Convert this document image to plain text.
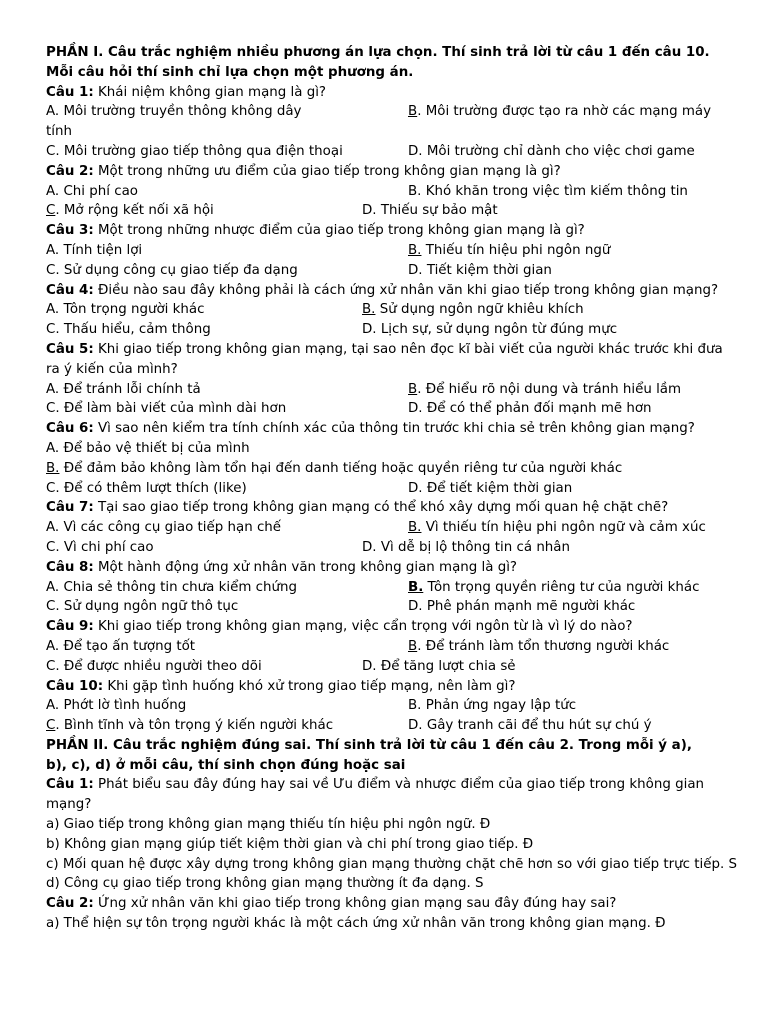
PHẦN I. Câu trắc nghiệm nhiều phương án lựa chọn. Thí sinh trả lời từ câu 1 đến câu 10.
Mỗi câu hỏi thí sinh chỉ lựa chọn một phương án.
Câu 1: Khái niệm không gian mạng là gì?
A. Môi trường truyền thông không dây	B. Môi trường được tạo ra nhờ các mạng máy
tính
C. Môi trường giao tiếp thông qua điện thoại	D. Môi trường chỉ dành cho việc chơi game
Câu 2: Một trong những ưu điểm của giao tiếp trong không gian mạng là gì?
A. Chi phí cao	B. Khó khăn trong việc tìm kiếm thông tin
C. Mở rộng kết nối xã hội	D. Thiếu sự bảo mật
Câu 3: Một trong những nhược điểm của giao tiếp trong không gian mạng là gì?
A. Tính tiện lợi	B. Thiếu tín hiệu phi ngôn ngữ
C. Sử dụng công cụ giao tiếp đa dạng	D. Tiết kiệm thời gian
Câu 4: Điều nào sau đây không phải là cách ứng xử nhân văn khi giao tiếp trong không gian mạng?
A. Tôn trọng người khác	B. Sử dụng ngôn ngữ khiêu khích
C. Thấu hiểu, cảm thông	D. Lịch sự, sử dụng ngôn từ đúng mực
Câu 5: Khi giao tiếp trong không gian mạng, tại sao nên đọc kĩ bài viết của người khác trước khi đưa ra ý kiến của mình?
A. Để tránh lỗi chính tả	B. Để hiểu rõ nội dung và tránh hiểu lầm
C. Để làm bài viết của mình dài hơn	D. Để có thể phản đối mạnh mẽ hơn
Câu 6: Vì sao nên kiểm tra tính chính xác của thông tin trước khi chia sẻ trên không gian mạng?
A. Để bảo vệ thiết bị của mình
B. Để đảm bảo không làm tổn hại đến danh tiếng hoặc quyền riêng tư của người khác
C. Để có thêm lượt thích (like)	D. Để tiết kiệm thời gian
Câu 7: Tại sao giao tiếp trong không gian mạng có thể khó xây dựng mối quan hệ chặt chẽ?
A. Vì các công cụ giao tiếp hạn chế	B. Vì thiếu tín hiệu phi ngôn ngữ và cảm xúc
C. Vì chi phí cao	D. Vì dễ bị lộ thông tin cá nhân
Câu 8: Một hành động ứng xử nhân văn trong không gian mạng là gì?
A. Chia sẻ thông tin chưa kiểm chứng	B. Tôn trọng quyền riêng tư của người khác
C. Sử dụng ngôn ngữ thô tục	D. Phê phán mạnh mẽ người khác
Câu 9: Khi giao tiếp trong không gian mạng, việc cẩn trọng với ngôn từ là vì lý do nào?
A. Để tạo ấn tượng tốt	B. Để tránh làm tổn thương người khác
C. Để được nhiều người theo dõi	D. Để tăng lượt chia sẻ
Câu 10: Khi gặp tình huống khó xử trong giao tiếp mạng, nên làm gì?
A. Phớt lờ tình huống	B. Phản ứng ngay lập tức
C. Bình tĩnh và tôn trọng ý kiến người khác	D. Gây tranh cãi để thu hút sự chú ý
PHẦN II. Câu trắc nghiệm đúng sai. Thí sinh trả lời từ câu 1 đến câu 2. Trong mỗi ý a),
b), c), d) ở mỗi câu, thí sinh chọn đúng hoặc sai
Câu 1: Phát biểu sau đây đúng hay sai về Ưu điểm và nhược điểm của giao tiếp trong không gian mạng?
a) Giao tiếp trong không gian mạng thiếu tín hiệu phi ngôn ngữ. Đ
b) Không gian mạng giúp tiết kiệm thời gian và chi phí trong giao tiếp. Đ
c) Mối quan hệ được xây dựng trong không gian mạng thường chặt chẽ hơn so với giao tiếp trực tiếp. S
d) Công cụ giao tiếp trong không gian mạng thường ít đa dạng. S
Câu 2: Ứng xử nhân văn khi giao tiếp trong không gian mạng sau đây đúng hay sai?
a) Thể hiện sự tôn trọng người khác là một cách ứng xử nhân văn trong không gian mạng. Đ
